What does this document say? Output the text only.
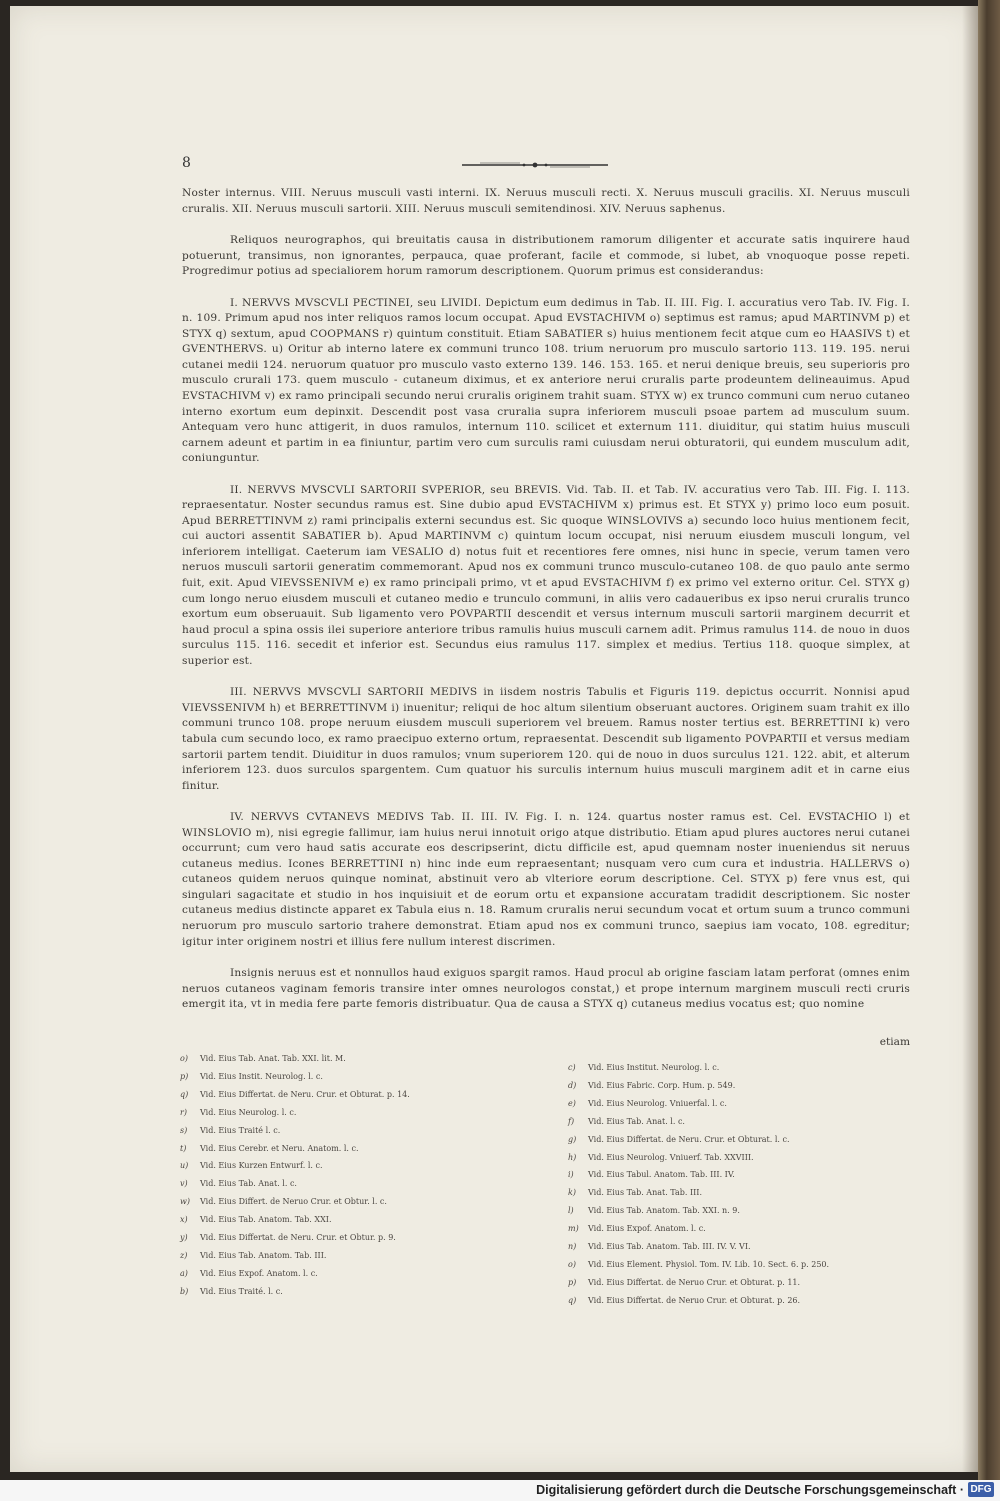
8

Noster internus. VIII. Neruus musculi vasti interni. IX. Neruus musculi recti. X. Neruus musculi gracilis. XI. Neruus musculi cruralis. XII. Neruus musculi sartorii. XIII. Neruus musculi semitendinosi. XIV. Neruus saphenus.

Reliquos neurographos, qui breuitatis causa in distributionem ramorum diligenter et accurate satis inquirere haud potuerunt, transimus, non ignorantes, perpauca, quae proferant, facile et commode, si lubet, ab vnoquoque posse repeti. Progredimur potius ad specialiorem horum ramorum descriptionem. Quorum primus est considerandus:

I. NERVVS MVSCVLI PECTINEI, seu LIVIDI. Depictum eum dedimus in Tab. II. III. Fig. I. accuratius vero Tab. IV. Fig. I. n. 109. Primum apud nos inter reliquos ramos locum occupat. Apud EVSTACHIVM o) septimus est ramus; apud MARTINVM p) et STYX q) sextum, apud COOPMANS r) quintum constituit. Etiam SABATIER s) huius mentionem fecit atque cum eo HAASIVS t) et GVENTHERVS. u) Oritur ab interno latere ex communi trunco 108. trium neruorum pro musculo sartorio 113. 119. 195. nerui cutanei medii 124. neruorum quatuor pro musculo vasto externo 139. 146. 153. 165. et nerui denique breuis, seu superioris pro musculo crurali 173. quem musculo - cutaneum diximus, et ex anteriore nerui cruralis parte prodeuntem delineauimus. Apud EVSTACHIVM v) ex ramo principali secundo nerui cruralis originem trahit suam. STYX w) ex trunco communi cum neruo cutaneo interno exortum eum depinxit. Descendit post vasa cruralia supra inferiorem musculi psoae partem ad musculum suum. Antequam vero hunc attigerit, in duos ramulos, internum 110. scilicet et externum 111. diuiditur, qui statim huius musculi carnem adeunt et partim in ea finiuntur, partim vero cum surculis rami cuiusdam nerui obturatorii, qui eundem musculum adit, coniunguntur.

II. NERVVS MVSCVLI SARTORII SVPERIOR, seu BREVIS. Vid. Tab. II. et Tab. IV. accuratius vero Tab. III. Fig. I. 113. repraesentatur. Noster secundus ramus est. Sine dubio apud EVSTACHIVM x) primus est. Et STYX y) primo loco eum posuit. Apud BERRETTINVM z) rami principalis externi secundus est. Sic quoque WINSLOVIVS a) secundo loco huius mentionem fecit, cui auctori assentit SABATIER b). Apud MARTINVM c) quintum locum occupat, nisi neruum eiusdem musculi longum, vel inferiorem intelligat. Caeterum iam VESALIO d) notus fuit et recentiores fere omnes, nisi hunc in specie, verum tamen vero neruos musculi sartorii generatim commemorant. Apud nos ex communi trunco musculo-cutaneo 108. de quo paulo ante sermo fuit, exit. Apud VIEVSSENIVM e) ex ramo principali primo, vt et apud EVSTACHIVM f) ex primo vel externo oritur. Cel. STYX g) cum longo neruo eiusdem musculi et cutaneo medio e trunculo communi, in aliis vero cadaueribus ex ipso nerui cruralis trunco exortum eum obseruauit. Sub ligamento vero POVPARTII descendit et versus internum musculi sartorii marginem decurrit et haud procul a spina ossis ilei superiore anteriore tribus ramulis huius musculi carnem adit. Primus ramulus 114. de nouo in duos surculus 115. 116. secedit et inferior est. Secundus eius ramulus 117. simplex et medius. Tertius 118. quoque simplex, at superior est.

III. NERVVS MVSCVLI SARTORII MEDIVS in iisdem nostris Tabulis et Figuris 119. depictus occurrit. Nonnisi apud VIEVSSENIVM h) et BERRETTINVM i) inuenitur; reliqui de hoc altum silentium obseruant auctores. Originem suam trahit ex illo communi trunco 108. prope neruum eiusdem musculi superiorem vel breuem. Ramus noster tertius est. BERRETTINI k) vero tabula cum secundo loco, ex ramo praecipuo externo ortum, repraesentat. Descendit sub ligamento POVPARTII et versus mediam sartorii partem tendit. Diuiditur in duos ramulos; vnum superiorem 120. qui de nouo in duos surculus 121. 122. abit, et alterum inferiorem 123. duos surculos spargentem. Cum quatuor his surculis internum huius musculi marginem adit et in carne eius finitur.

IV. NERVVS CVTANEVS MEDIVS Tab. II. III. IV. Fig. I. n. 124. quartus noster ramus est. Cel. EVSTACHIO l) et WINSLOVIO m), nisi egregie fallimur, iam huius nerui innotuit origo atque distributio. Etiam apud plures auctores nerui cutanei occurrunt; cum vero haud satis accurate eos descripserint, dictu difficile est, apud quemnam noster inueniendus sit neruus cutaneus medius. Icones BERRETTINI n) hinc inde eum repraesentant; nusquam vero cum cura et industria. HALLERVS o) cutaneos quidem neruos quinque nominat, abstinuit vero ab vlteriore eorum descriptione. Cel. STYX p) fere vnus est, qui singulari sagacitate et studio in hos inquisiuit et de eorum ortu et expansione accuratam tradidit descriptionem. Sic noster cutaneus medius distincte apparet ex Tabula eius n. 18. Ramum cruralis nerui secundum vocat et ortum suum a trunco communi neruorum pro musculo sartorio trahere demonstrat. Etiam apud nos ex communi trunco, saepius iam vocato, 108. egreditur; igitur inter originem nostri et illius fere nullum interest discrimen.

Insignis neruus est et nonnullos haud exiguos spargit ramos. Haud procul ab origine fasciam latam perforat (omnes enim neruos cutaneos vaginam femoris transire inter omnes neurologos constat,) et prope internum marginem musculi recti cruris emergit ita, vt in media fere parte femoris distribuatur. Qua de causa a STYX q) cutaneus medius vocatus est; quo nomine

etiam
o) Vid. Eius Tab. Anat. Tab. XXI. lit. M.
p) Vid. Eius Instit. Neurolog. l. c.
q) Vid. Eius Differtat. de Neru. Crur. et Obturat. p. 14.
r) Vid. Eius Neurolog. l. c.
s) Vid. Eius Traité l. c.
t) Vid. Eius Cerebr. et Neru. Anatom. l. c.
u) Vid. Eius Kurzen Entwurf. l. c.
v) Vid. Eius Tab. Anat. l. c.
w) Vid. Eius Differt. de Neruo Crur. et Obtur. l. c.
x) Vid. Eius Tab. Anatom. Tab. XXI.
y) Vid. Eius Differtat. de Neru. Crur. et Obtur. p. 9.
z) Vid. Eius Tab. Anatom. Tab. III.
a) Vid. Eius Expof. Anatom. l. c.
b) Vid. Eius Traité. l. c.
c) Vid. Eius Institut. Neurolog. l. c.
d) Vid. Eius Fabric. Corp. Hum. p. 549.
e) Vid. Eius Neurolog. Vniuerfal. l. c.
f) Vid. Eius Tab. Anat. l. c.
g) Vid. Eius Differtat. de Neru. Crur. et Obturat. l. c.
h) Vid. Eius Neurolog. Vniuerf. Tab. XXVIII.
i) Vid. Eius Tabul. Anatom. Tab. III. IV.
k) Vid. Eius Tab. Anat. Tab. III.
l) Vid. Eius Tab. Anatom. Tab. XXI. n. 9.
m) Vid. Eius Expof. Anatom. l. c.
n) Vid. Eius Tab. Anatom. Tab. III. IV. V. VI.
o) Vid. Eius Element. Physiol. Tom. IV. Lib. 10. Sect. 6. p. 250.
p) Vid. Eius Differtat. de Neruo Crur. et Obturat. p. 11.
q) Vid. Eius Differtat. de Neruo Crur. et Obturat. p. 26.
Digitalisierung gefördert durch die Deutsche Forschungsgemeinschaft · DFG
